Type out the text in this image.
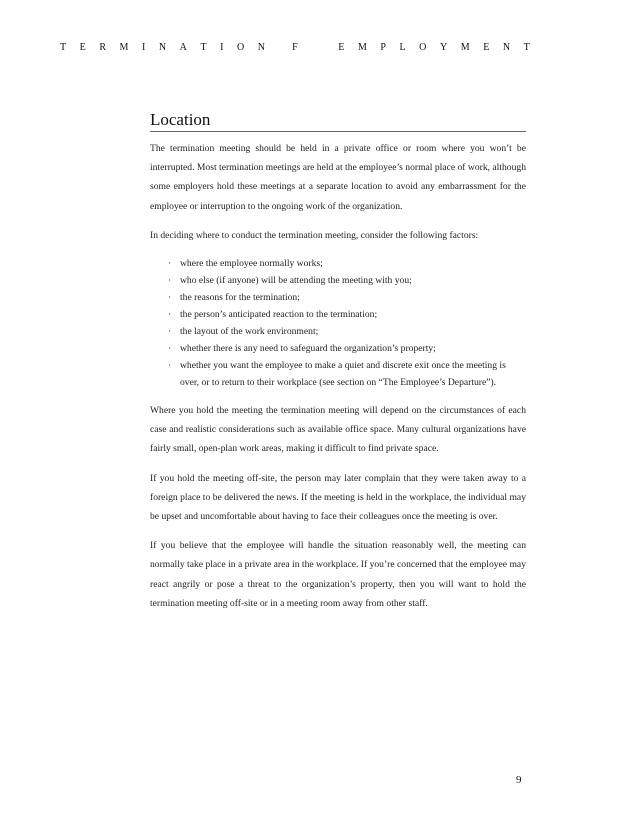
T E R M I N A T I O N	F	E M P L O Y M E N T
Location

The termination meeting should be held in a private office or room where you won’t be interrupted. Most termination meetings are held at the employee’s normal place of work, although some employers hold these meetings at a separate location to avoid any embarrassment for the employee or interruption to the ongoing work of the organization.

In deciding where to conduct the termination meeting, consider the following factors:

· where the employee normally works;
· who else (if anyone) will be attending the meeting with you;
· the reasons for the termination;
· the person’s anticipated reaction to the termination;
· the layout of the work environment;
· whether there is any need to safeguard the organization’s property;
· whether you want the employee to make a quiet and discrete exit once the meeting is over, or to return to their workplace (see section on “The Employee’s Departure”).

Where you hold the meeting the termination meeting will depend on the circumstances of each case and realistic considerations such as available office space. Many cultural organizations have fairly small, open-plan work areas, making it difficult to find private space.

If you hold the meeting off-site, the person may later complain that they were taken away to a foreign place to be delivered the news. If the meeting is held in the workplace, the individual may be upset and uncomfortable about having to face their colleagues once the meeting is over.

If you believe that the employee will handle the situation reasonably well, the meeting can normally take place in a private area in the workplace. If you’re concerned that the employee may react angrily or pose a threat to the organization’s property, then you will want to hold the termination meeting off-site or in a meeting room away from other staff.

9
